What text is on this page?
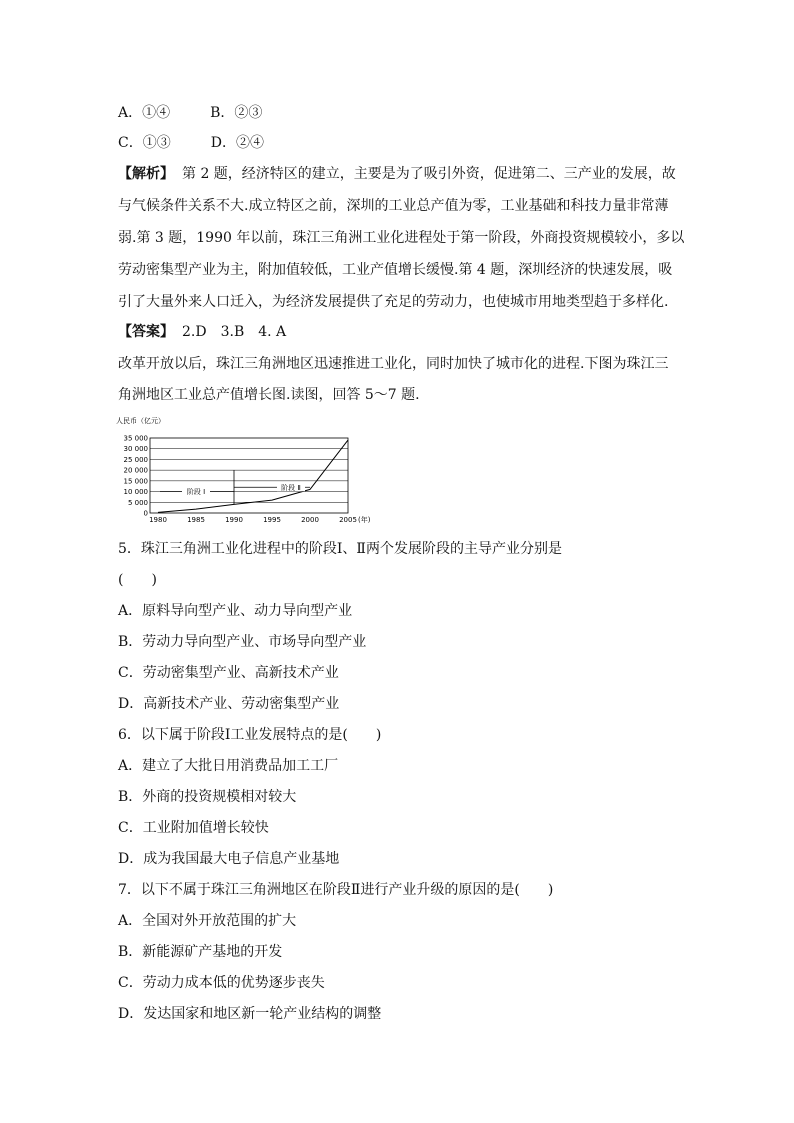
A．①④	B．②③
C．①③	D．②④
【解析】 第 2 题，经济特区的建立，主要是为了吸引外资，促进第二、三产业的发展，故
与气候条件关系不大.成立特区之前，深圳的工业总产值为零，工业基础和科技力量非常薄
弱.第 3 题，1990 年以前，珠江三角洲工业化进程处于第一阶段，外商投资规模较小，多以
劳动密集型产业为主，附加值较低，工业产值增长缓慢.第 4 题，深圳经济的快速发展，吸
引了大量外来人口迁入，为经济发展提供了充足的劳动力，也使城市用地类型趋于多样化.
【答案】 2.D　3.B　4. A
改革开放以后，珠江三角洲地区迅速推进工业化，同时加快了城市化的进程.下图为珠江三
角洲地区工业总产值增长图.读图，回答 5～7 题.
人民币（亿元）
35 000
30 000
25 000
20 000
15 000
10 000
5 000
0
1980	1985	1990	1995	2000	2005
阶段 Ⅰ
阶段 Ⅱ
(年)
5．珠江三角洲工业化进程中的阶段Ⅰ、Ⅱ两个发展阶段的主导产业分别是
(　　)
A．原料导向型产业、动力导向型产业
B．劳动力导向型产业、市场导向型产业
C．劳动密集型产业、高新技术产业
D．高新技术产业、劳动密集型产业
6．以下属于阶段Ⅰ工业发展特点的是(　　)
A．建立了大批日用消费品加工工厂
B．外商的投资规模相对较大
C．工业附加值增长较快
D．成为我国最大电子信息产业基地
7．以下不属于珠江三角洲地区在阶段Ⅱ进行产业升级的原因的是(　　)
A．全国对外开放范围的扩大
B．新能源矿产基地的开发
C．劳动力成本低的优势逐步丧失
D．发达国家和地区新一轮产业结构的调整
